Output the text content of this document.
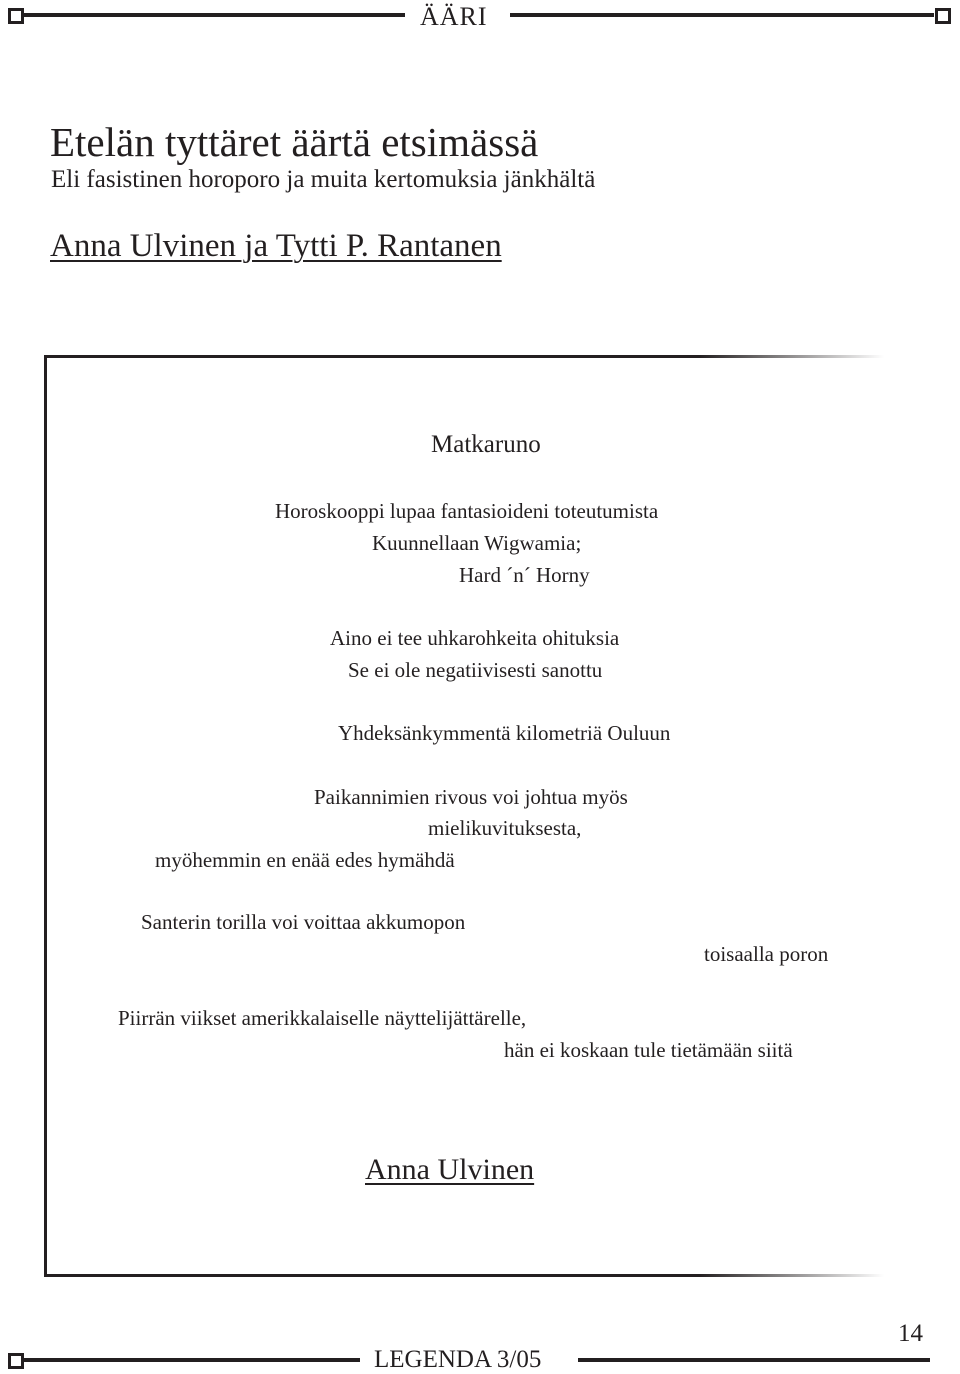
ÄÄRI
Etelän tyttäret äärtä etsimässä
Eli fasistinen horoporo ja muita kertomuksia jänkhältä
Anna Ulvinen ja Tytti P. Rantanen
Matkaruno
Horoskooppi lupaa fantasioideni toteutumista
Kuunnellaan Wigwamia;
Hard ´n´ Horny
Aino ei tee uhkarohkeita ohituksia
Se ei ole negatiivisesti sanottu
Yhdeksänkymmentä kilometriä Ouluun
Paikannimien rivous voi johtua myös
mielikuvituksesta,
myöhemmin en enää edes hymähdä
Santerin torilla voi voittaa akkumopon
toisaalla poron
Piirrän viikset amerikkalaiselle näyttelijättärelle,
hän ei koskaan tule tietämään siitä
Anna Ulvinen
14
LEGENDA 3/05
